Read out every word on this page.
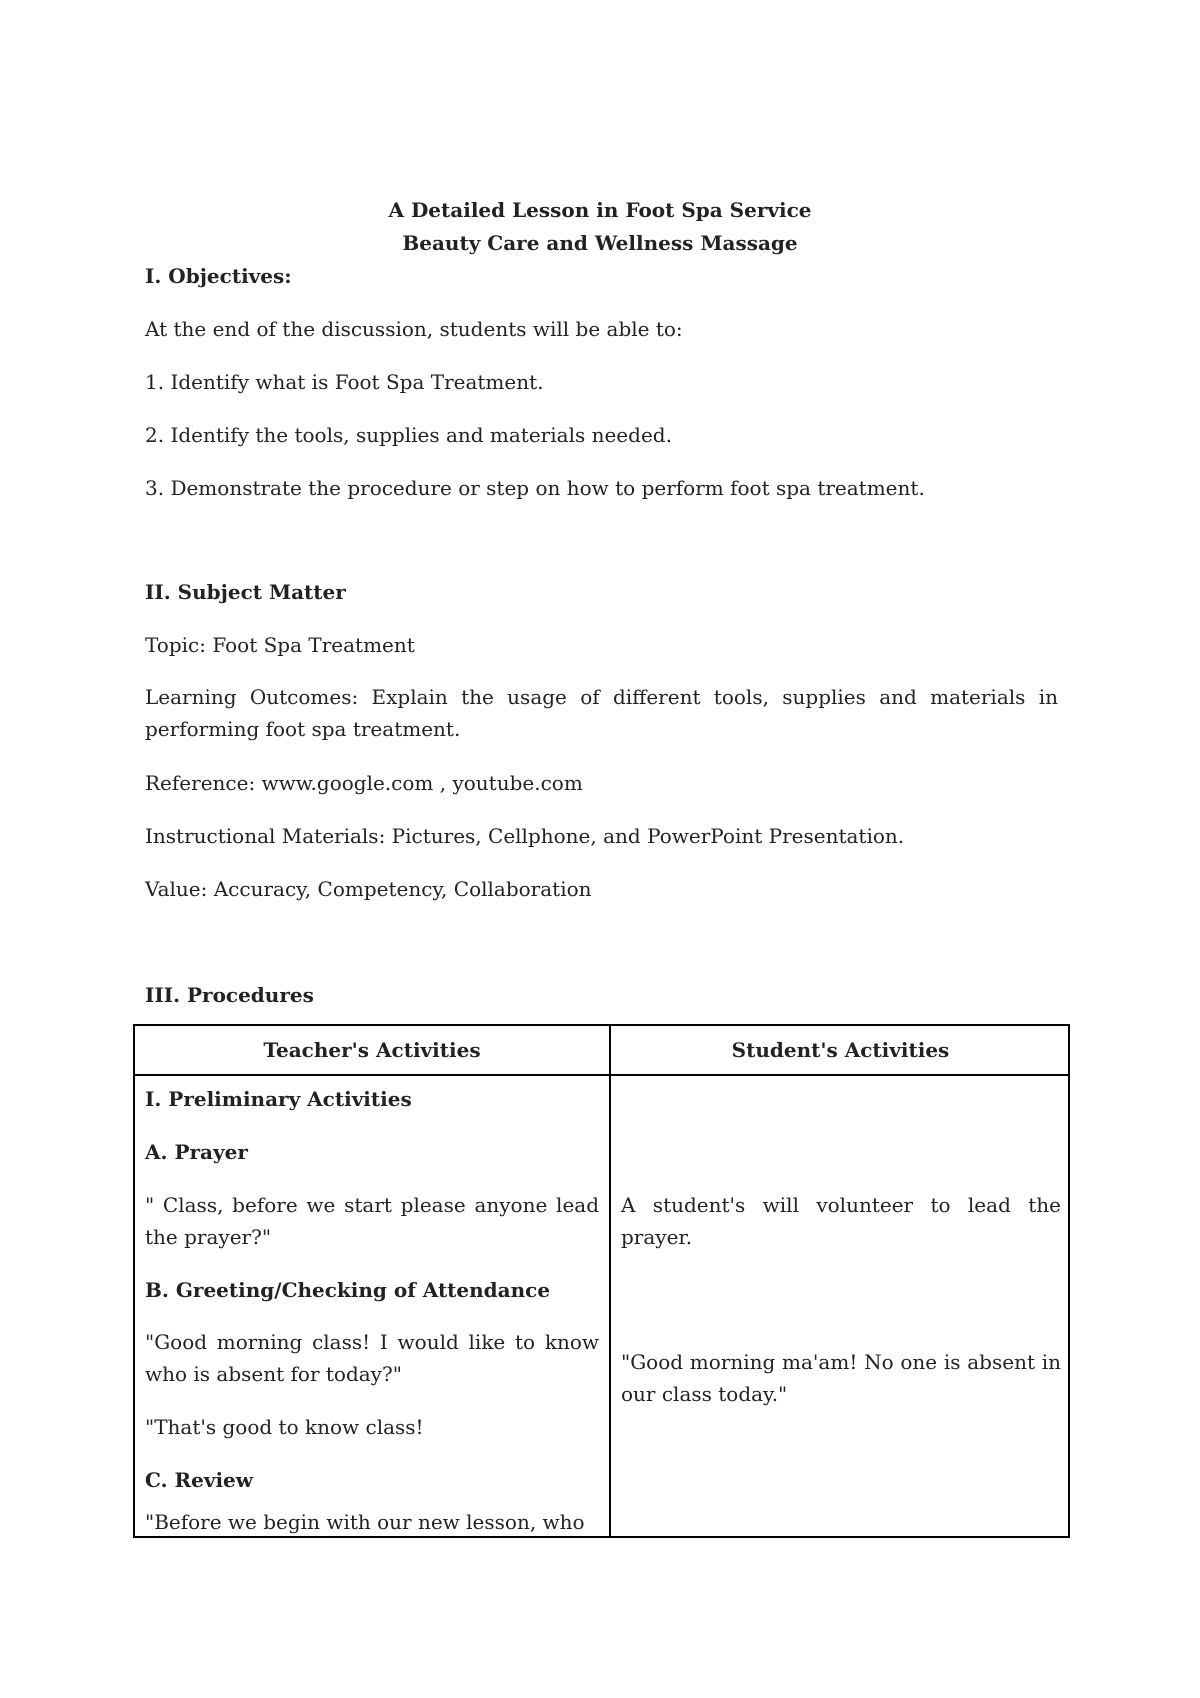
A Detailed Lesson in Foot Spa Service
Beauty Care and Wellness Massage
I. Objectives:
At the end of the discussion, students will be able to:
1. Identify what is Foot Spa Treatment.
2. Identify the tools, supplies and materials needed.
3. Demonstrate the procedure or step on how to perform foot spa treatment.
II. Subject Matter
Topic: Foot Spa Treatment
Learning Outcomes: Explain the usage of different tools, supplies and materials in performing foot spa treatment.
Reference: www.google.com , youtube.com
Instructional Materials: Pictures, Cellphone, and PowerPoint Presentation.
Value: Accuracy, Competency, Collaboration
III. Procedures
Teacher's Activities	Student's Activities
I. Preliminary Activities
A. Prayer
" Class, before we start please anyone lead the prayer?"
B. Greeting/Checking of Attendance
"Good morning class! I would like to know who is absent for today?"
"That's good to know class!
C. Review
"Before we begin with our new lesson, who
A student's will volunteer to lead the prayer.
"Good morning ma'am! No one is absent in our class today."
